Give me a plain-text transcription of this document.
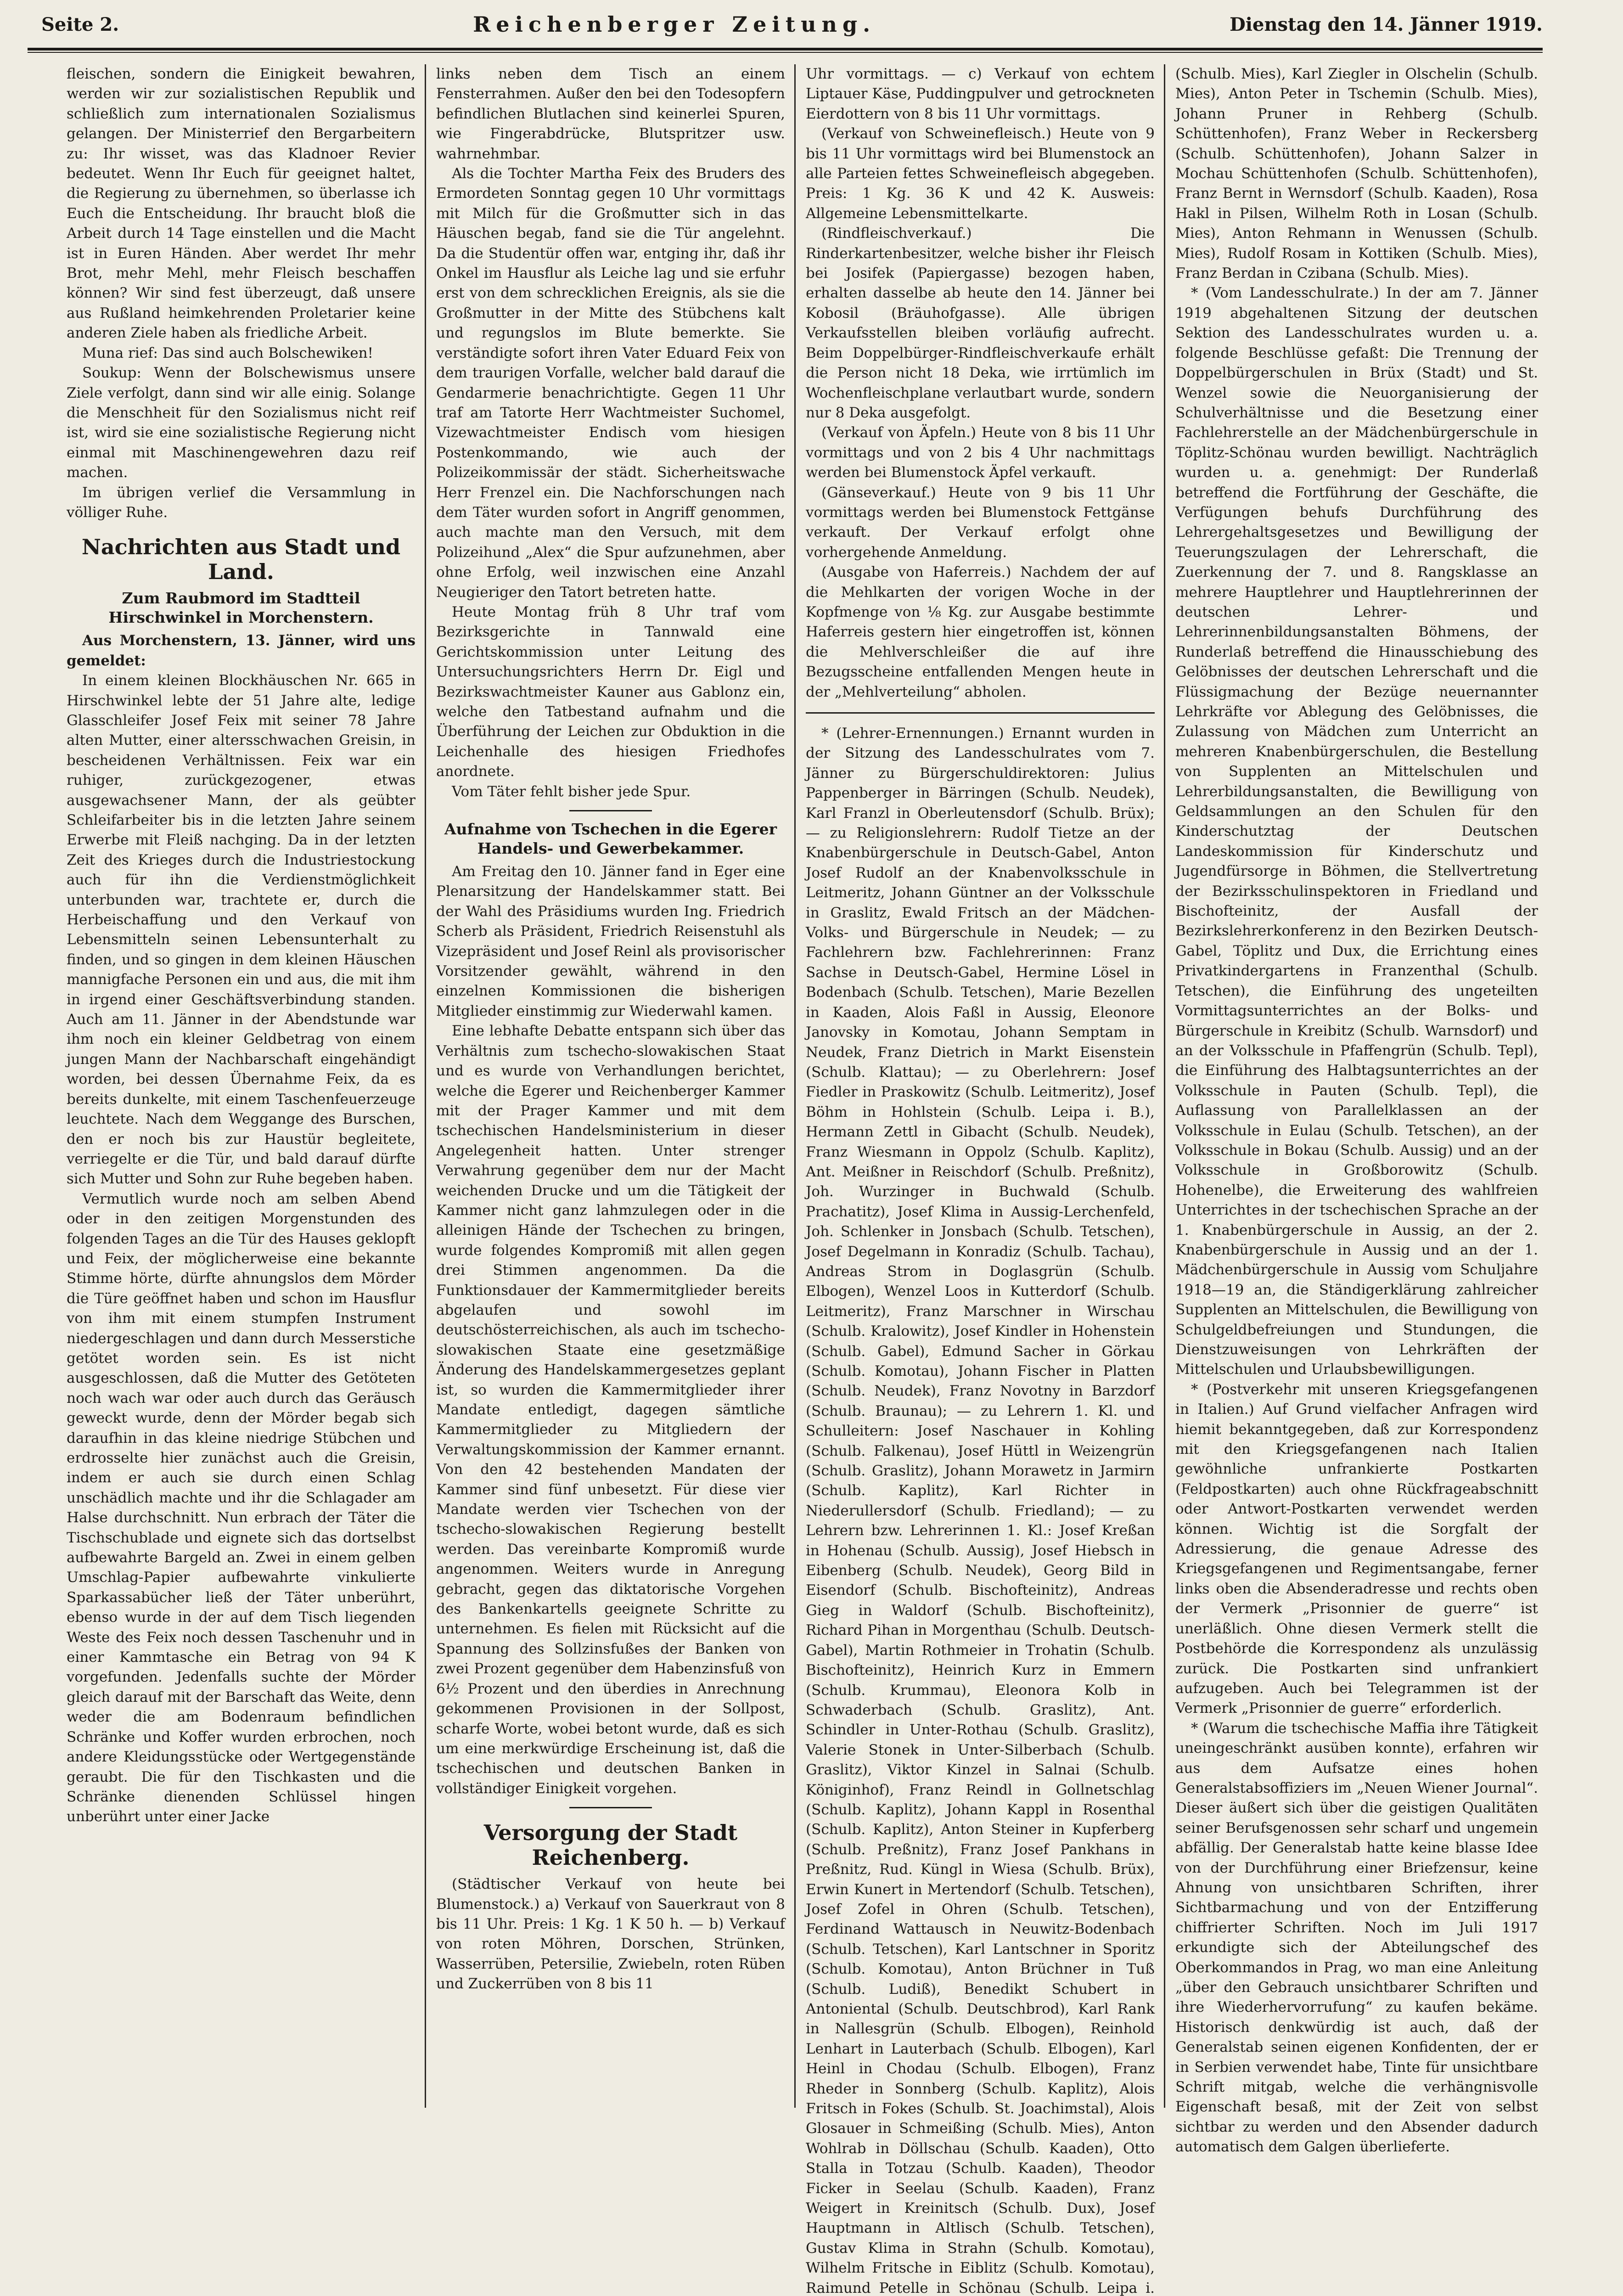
Seite 2.	Reichenberger Zeitung.	Dienstag den 14. Jänner 1919.

fleischen, sondern die Einigkeit bewahren, werden wir zur sozialistischen Republik und schließlich zum internationalen Sozialismus gelangen. Der Ministerrief den Bergarbeitern zu: Ihr wisset, was das Kladnoer Revier bedeutet. Wenn Ihr Euch für geeignet haltet, die Regierung zu übernehmen, so überlasse ich Euch die Entscheidung. Ihr braucht bloß die Arbeit durch 14 Tage einstellen und die Macht ist in Euren Händen. Aber werdet Ihr mehr Brot, mehr Mehl, mehr Fleisch beschaffen können? Wir sind fest überzeugt, daß unsere aus Rußland heimkehrenden Proletarier keine anderen Ziele haben als friedliche Arbeit.

Muna rief: Das sind auch Bolschewiken!

Soukup: Wenn der Bolschewismus unsere Ziele verfolgt, dann sind wir alle einig. Solange die Menschheit für den Sozialismus nicht reif ist, wird sie eine sozialistische Regierung nicht einmal mit Maschinengewehren dazu reif machen.

Im übrigen verlief die Versammlung in völliger Ruhe.

Nachrichten aus Stadt und Land.
Zum Raubmord im Stadtteil Hirschwinkel in Morchenstern.

Aus Morchenstern, 13. Jänner, wird uns gemeldet:

In einem kleinen Blockhäuschen Nr. 665 in Hirschwinkel lebte der 51 Jahre alte, ledige Glasschleifer Josef Feix mit seiner 78 Jahre alten Mutter, einer altersschwachen Greisin, in bescheidenen Verhältnissen. Feix war ein ruhiger, zurückgezogener, etwas ausgewachsener Mann, der als geübter Schleifarbeiter bis in die letzten Jahre seinem Erwerbe mit Fleiß nachging. Da in der letzten Zeit des Krieges durch die Industriestockung auch für ihn die Verdienstmöglichkeit unterbunden war, trachtete er, durch die Herbeischaffung und den Verkauf von Lebensmitteln seinen Lebensunterhalt zu finden, und so gingen in dem kleinen Häuschen mannigfache Personen ein und aus, die mit ihm in irgend einer Geschäftsverbindung standen. Auch am 11. Jänner in der Abendstunde war ihm noch ein kleiner Geldbetrag von einem jungen Mann der Nachbarschaft eingehändigt worden, bei dessen Übernahme Feix, da es bereits dunkelte, mit einem Taschenfeuerzeuge leuchtete. Nach dem Weggange des Burschen, den er noch bis zur Haustür begleitete, verriegelte er die Tür, und bald darauf dürfte sich Mutter und Sohn zur Ruhe begeben haben.

Vermutlich wurde noch am selben Abend oder in den zeitigen Morgenstunden des folgenden Tages an die Tür des Hauses geklopft und Feix, der möglicherweise eine bekannte Stimme hörte, dürfte ahnungslos dem Mörder die Türe geöffnet haben und schon im Hausflur von ihm mit einem stumpfen Instrument niedergeschlagen und dann durch Messerstiche getötet worden sein. Es ist nicht ausgeschlossen, daß die Mutter des Getöteten noch wach war oder auch durch das Geräusch geweckt wurde, denn der Mörder begab sich daraufhin in das kleine niedrige Stübchen und erdrosselte hier zunächst auch die Greisin, indem er auch sie durch einen Schlag unschädlich machte und ihr die Schlagader am Halse durchschnitt. Nun erbrach der Täter die Tischschublade und eignete sich das dortselbst aufbewahrte Bargeld an. Zwei in einem gelben Umschlag-Papier aufbewahrte vinkulierte Sparkassabücher ließ der Täter unberührt, ebenso wurde in der auf dem Tisch liegenden Weste des Feix noch dessen Taschenuhr und in einer Kammtasche ein Betrag von 94 K vorgefunden. Jedenfalls suchte der Mörder gleich darauf mit der Barschaft das Weite, denn weder die am Bodenraum befindlichen Schränke und Koffer wurden erbrochen, noch andere Kleidungsstücke oder Wertgegenstände geraubt. Die für den Tischkasten und die Schränke dienenden Schlüssel hingen unberührt unter einer Jacke

links neben dem Tisch an einem Fensterrahmen. Außer den bei den Todesopfern befindlichen Blutlachen sind keinerlei Spuren, wie Fingerabdrücke, Blutspritzer usw. wahrnehmbar.

Als die Tochter Martha Feix des Bruders des Ermordeten Sonntag gegen 10 Uhr vormittags mit Milch für die Großmutter sich in das Häuschen begab, fand sie die Tür angelehnt. Da die Studentür offen war, entging ihr, daß ihr Onkel im Hausflur als Leiche lag und sie erfuhr erst von dem schrecklichen Ereignis, als sie die Großmutter in der Mitte des Stübchens kalt und regungslos im Blute bemerkte. Sie verständigte sofort ihren Vater Eduard Feix von dem traurigen Vorfalle, welcher bald darauf die Gendarmerie benachrichtigte. Gegen 11 Uhr traf am Tatorte Herr Wachtmeister Suchomel, Vizewachtmeister Endisch vom hiesigen Postenkommando, wie auch der Polizeikommissär der städt. Sicherheitswache Herr Frenzel ein. Die Nachforschungen nach dem Täter wurden sofort in Angriff genommen, auch machte man den Versuch, mit dem Polizeihund „Alex“ die Spur aufzunehmen, aber ohne Erfolg, weil inzwischen eine Anzahl Neugieriger den Tatort betreten hatte.

Heute Montag früh 8 Uhr traf vom Bezirksgerichte in Tannwald eine Gerichtskommission unter Leitung des Untersuchungsrichters Herrn Dr. Eigl und Bezirkswachtmeister Kauner aus Gablonz ein, welche den Tatbestand aufnahm und die Überführung der Leichen zur Obduktion in die Leichenhalle des hiesigen Friedhofes anordnete.

Vom Täter fehlt bisher jede Spur.

Aufnahme von Tschechen in die Egerer Handels- und Gewerbekammer.

Am Freitag den 10. Jänner fand in Eger eine Plenarsitzung der Handelskammer statt. Bei der Wahl des Präsidiums wurden Ing. Friedrich Scherb als Präsident, Friedrich Reisenstuhl als Vizepräsident und Josef Reinl als provisorischer Vorsitzender gewählt, während in den einzelnen Kommissionen die bisherigen Mitglieder einstimmig zur Wiederwahl kamen.

Eine lebhafte Debatte entspann sich über das Verhältnis zum tschecho-slowakischen Staat und es wurde von Verhandlungen berichtet, welche die Egerer und Reichenberger Kammer mit der Prager Kammer und mit dem tschechischen Handelsministerium in dieser Angelegenheit hatten. Unter strenger Verwahrung gegenüber dem nur der Macht weichenden Drucke und um die Tätigkeit der Kammer nicht ganz lahmzulegen oder in die alleinigen Hände der Tschechen zu bringen, wurde folgendes Kompromiß mit allen gegen drei Stimmen angenommen. Da die Funktionsdauer der Kammermitglieder bereits abgelaufen und sowohl im deutschösterreichischen, als auch im tschecho-slowakischen Staate eine gesetzmäßige Änderung des Handelskammergesetzes geplant ist, so wurden die Kammermitglieder ihrer Mandate entledigt, dagegen sämtliche Kammermitglieder zu Mitgliedern der Verwaltungskommission der Kammer ernannt. Von den 42 bestehenden Mandaten der Kammer sind fünf unbesetzt. Für diese vier Mandate werden vier Tschechen von der tschecho-slowakischen Regierung bestellt werden. Das vereinbarte Kompromiß wurde angenommen. Weiters wurde in Anregung gebracht, gegen das diktatorische Vorgehen des Bankenkartells geeignete Schritte zu unternehmen. Es fielen mit Rücksicht auf die Spannung des Sollzinsfußes der Banken von zwei Prozent gegenüber dem Habenzinsfuß von 6½ Prozent und den überdies in Anrechnung gekommenen Provisionen in der Sollpost, scharfe Worte, wobei betont wurde, daß es sich um eine merkwürdige Erscheinung ist, daß die tschechischen und deutschen Banken in vollständiger Einigkeit vorgehen.

Versorgung der Stadt Reichenberg.

(Städtischer Verkauf von heute bei Blumenstock.) a) Verkauf von Sauerkraut von 8 bis 11 Uhr. Preis: 1 Kg. 1 K 50 h. — b) Verkauf von roten Möhren, Dorschen, Strünken, Wasserrüben, Petersilie, Zwiebeln, roten Rüben und Zuckerrüben von 8 bis 11

Uhr vormittags. — c) Verkauf von echtem Liptauer Käse, Puddingpulver und getrockneten Eierdottern von 8 bis 11 Uhr vormittags.

(Verkauf von Schweinefleisch.) Heute von 9 bis 11 Uhr vormittags wird bei Blumenstock an alle Parteien fettes Schweinefleisch abgegeben. Preis: 1 Kg. 36 K und 42 K. Ausweis: Allgemeine Lebensmittelkarte.

(Rindfleischverkauf.) Die Rinderkartenbesitzer, welche bisher ihr Fleisch bei Josifek (Papiergasse) bezogen haben, erhalten dasselbe ab heute den 14. Jänner bei Kobosil (Bräuhofgasse). Alle übrigen Verkaufsstellen bleiben vorläufig aufrecht. Beim Doppelbürger-Rindfleischverkaufe erhält die Person nicht 18 Deka, wie irrtümlich im Wochenfleischplane verlautbart wurde, sondern nur 8 Deka ausgefolgt.

(Verkauf von Äpfeln.) Heute von 8 bis 11 Uhr vormittags und von 2 bis 4 Uhr nachmittags werden bei Blumenstock Äpfel verkauft.

(Gänseverkauf.) Heute von 9 bis 11 Uhr vormittags werden bei Blumenstock Fettgänse verkauft. Der Verkauf erfolgt ohne vorhergehende Anmeldung.

(Ausgabe von Haferreis.) Nachdem der auf die Mehlkarten der vorigen Woche in der Kopfmenge von ⅛ Kg. zur Ausgabe bestimmte Haferreis gestern hier eingetroffen ist, können die Mehlverschleißer die auf ihre Bezugsscheine entfallenden Mengen heute in der „Mehlverteilung“ abholen.

* (Lehrer-Ernennungen.) Ernannt wurden in der Sitzung des Landesschulrates vom 7. Jänner zu Bürgerschuldirektoren: Julius Pappenberger in Bärringen (Schulb. Neudek), Karl Franzl in Oberleutensdorf (Schulb. Brüx); — zu Religionslehrern: Rudolf Tietze an der Knabenbürgerschule in Deutsch-Gabel, Anton Josef Rudolf an der Knabenvolksschule in Leitmeritz, Johann Güntner an der Volksschule in Graslitz, Ewald Fritsch an der Mädchen-Volks- und Bürgerschule in Neudek; — zu Fachlehrern bzw. Fachlehrerinnen: Franz Sachse in Deutsch-Gabel, Hermine Lösel in Bodenbach (Schulb. Tetschen), Marie Bezellen in Kaaden, Alois Faßl in Aussig, Eleonore Janovsky in Komotau, Johann Semptam in Neudek, Franz Dietrich in Markt Eisenstein (Schulb. Klattau); — zu Oberlehrern: Josef Fiedler in Praskowitz (Schulb. Leitmeritz), Josef Böhm in Hohlstein (Schulb. Leipa i. B.), Hermann Zettl in Gibacht (Schulb. Neudek), Franz Wiesmann in Oppolz (Schulb. Kaplitz), Ant. Meißner in Reischdorf (Schulb. Preßnitz), Joh. Wurzinger in Buchwald (Schulb. Prachatitz), Josef Klima in Aussig-Lerchenfeld, Joh. Schlenker in Jonsbach (Schulb. Tetschen), Josef Degelmann in Konradiz (Schulb. Tachau), Andreas Strom in Doglasgrün (Schulb. Elbogen), Wenzel Loos in Kutterdorf (Schulb. Leitmeritz), Franz Marschner in Wirschau (Schulb. Kralowitz), Josef Kindler in Hohenstein (Schulb. Gabel), Edmund Sacher in Görkau (Schulb. Komotau), Johann Fischer in Platten (Schulb. Neudek), Franz Novotny in Barzdorf (Schulb. Braunau); — zu Lehrern 1. Kl. und Schulleitern: Josef Naschauer in Kohling (Schulb. Falkenau), Josef Hüttl in Weizengrün (Schulb. Graslitz), Johann Morawetz in Jarmirn (Schulb. Kaplitz), Karl Richter in Niederullersdorf (Schulb. Friedland); — zu Lehrern bzw. Lehrerinnen 1. Kl.: Josef Kreßan in Hohenau (Schulb. Aussig), Josef Hiebsch in Eibenberg (Schulb. Neudek), Georg Bild in Eisendorf (Schulb. Bischofteinitz), Andreas Gieg in Waldorf (Schulb. Bischofteinitz), Richard Pihan in Morgenthau (Schulb. Deutsch-Gabel), Martin Rothmeier in Trohatin (Schulb. Bischofteinitz), Heinrich Kurz in Emmern (Schulb. Krummau), Eleonora Kolb in Schwaderbach (Schulb. Graslitz), Ant. Schindler in Unter-Rothau (Schulb. Graslitz), Valerie Stonek in Unter-Silberbach (Schulb. Graslitz), Viktor Kinzel in Salnai (Schulb. Königinhof), Franz Reindl in Gollnetschlag (Schulb. Kaplitz), Johann Kappl in Rosenthal (Schulb. Kaplitz), Anton Steiner in Kupferberg (Schulb. Preßnitz), Franz Josef Pankhans in Preßnitz, Rud. Küngl in Wiesa (Schulb. Brüx), Erwin Kunert in Mertendorf (Schulb. Tetschen), Josef Zofel in Ohren (Schulb. Tetschen), Ferdinand Wattausch in Neuwitz-Bodenbach (Schulb. Tetschen), Karl Lantschner in Sporitz (Schulb. Komotau), Anton Brüchner in Tuß (Schulb. Ludiß), Benedikt Schubert in Antoniental (Schulb. Deutschbrod), Karl Rank in Nallesgrün (Schulb. Elbogen), Reinhold Lenhart in Lauterbach (Schulb. Elbogen), Karl Heinl in Chodau (Schulb. Elbogen), Franz Rheder in Sonnberg (Schulb. Kaplitz), Alois Fritsch in Fokes (Schulb. St. Joachimstal), Alois Glosauer in Schmeißing (Schulb. Mies), Anton Wohlrab in Döllschau (Schulb. Kaaden), Otto Stalla in Totzau (Schulb. Kaaden), Theodor Ficker in Seelau (Schulb. Kaaden), Franz Weigert in Kreinitsch (Schulb. Dux), Josef Hauptmann in Altlisch (Schulb. Tetschen), Gustav Klima in Strahn (Schulb. Komotau), Wilhelm Fritsche in Eiblitz (Schulb. Komotau), Raimund Petelle in Schönau (Schulb. Leipa i.

(Schulb. Mies), Karl Ziegler in Olschelin (Schulb. Mies), Anton Peter in Tschemin (Schulb. Mies), Johann Pruner in Rehberg (Schulb. Schüttenhofen), Franz Weber in Reckersberg (Schulb. Schüttenhofen), Johann Salzer in Mochau Schüttenhofen (Schulb. Schüttenhofen), Franz Bernt in Wernsdorf (Schulb. Kaaden), Rosa Hakl in Pilsen, Wilhelm Roth in Losan (Schulb. Mies), Anton Rehmann in Wenussen (Schulb. Mies), Rudolf Rosam in Kottiken (Schulb. Mies), Franz Berdan in Czibana (Schulb. Mies).

* (Vom Landesschulrate.) In der am 7. Jänner 1919 abgehaltenen Sitzung der deutschen Sektion des Landesschulrates wurden u. a. folgende Beschlüsse gefaßt: Die Trennung der Doppelbürgerschulen in Brüx (Stadt) und St. Wenzel sowie die Neuorganisierung der Schulverhältnisse und die Besetzung einer Fachlehrerstelle an der Mädchenbürgerschule in Töplitz-Schönau wurden bewilligt. Nachträglich wurden u. a. genehmigt: Der Runderlaß betreffend die Fortführung der Geschäfte, die Verfügungen behufs Durchführung des Lehrergehaltsgesetzes und Bewilligung der Teuerungszulagen der Lehrerschaft, die Zuerkennung der 7. und 8. Rangsklasse an mehrere Hauptlehrer und Hauptlehrerinnen der deutschen Lehrer- und Lehrerinnenbildungsanstalten Böhmens, der Runderlaß betreffend die Hinausschiebung des Gelöbnisses der deutschen Lehrerschaft und die Flüssigmachung der Bezüge neuernannter Lehrkräfte vor Ablegung des Gelöbnisses, die Zulassung von Mädchen zum Unterricht an mehreren Knabenbürgerschulen, die Bestellung von Supplenten an Mittelschulen und Lehrerbildungsanstalten, die Bewilligung von Geldsammlungen an den Schulen für den Kinderschutztag der Deutschen Landeskommission für Kinderschutz und Jugendfürsorge in Böhmen, die Stellvertretung der Bezirksschulinspektoren in Friedland und Bischofteinitz, der Ausfall der Bezirkslehrerkonferenz in den Bezirken Deutsch-Gabel, Töplitz und Dux, die Errichtung eines Privatkindergartens in Franzenthal (Schulb. Tetschen), die Einführung des ungeteilten Vormittagsunterrichtes an der Bolks- und Bürgerschule in Kreibitz (Schulb. Warnsdorf) und an der Volksschule in Pfaffengrün (Schulb. Tepl), die Einführung des Halbtagsunterrichtes an der Volksschule in Pauten (Schulb. Tepl), die Auflassung von Parallelklassen an der Volksschule in Eulau (Schulb. Tetschen), an der Volksschule in Bokau (Schulb. Aussig) und an der Volksschule in Großborowitz (Schulb. Hohenelbe), die Erweiterung des wahlfreien Unterrichtes in der tschechischen Sprache an der 1. Knabenbürgerschule in Aussig, an der 2. Knabenbürgerschule in Aussig und an der 1. Mädchenbürgerschule in Aussig vom Schuljahre 1918—19 an, die Ständigerklärung zahlreicher Supplenten an Mittelschulen, die Bewilligung von Schulgeldbefreiungen und Stundungen, die Dienstzuweisungen von Lehrkräften der Mittelschulen und Urlaubsbewilligungen.

* (Postverkehr mit unseren Kriegsgefangenen in Italien.) Auf Grund vielfacher Anfragen wird hiemit bekanntgegeben, daß zur Korrespondenz mit den Kriegsgefangenen nach Italien gewöhnliche unfrankierte Postkarten (Feldpostkarten) auch ohne Rückfrageabschnitt oder Antwort-Postkarten verwendet werden können. Wichtig ist die Sorgfalt der Adressierung, die genaue Adresse des Kriegsgefangenen und Regimentsangabe, ferner links oben die Absenderadresse und rechts oben der Vermerk „Prisonnier de guerre“ ist unerläßlich. Ohne diesen Vermerk stellt die Postbehörde die Korrespondenz als unzulässig zurück. Die Postkarten sind unfrankiert aufzugeben. Auch bei Telegrammen ist der Vermerk „Prisonnier de guerre“ erforderlich.

* (Warum die tschechische Maffia ihre Tätigkeit uneingeschränkt ausüben konnte), erfahren wir aus dem Aufsatze eines hohen Generalstabsoffiziers im „Neuen Wiener Journal“. Dieser äußert sich über die geistigen Qualitäten seiner Berufsgenossen sehr scharf und ungemein abfällig. Der Generalstab hatte keine blasse Idee von der Durchführung einer Briefzensur, keine Ahnung von unsichtbaren Schriften, ihrer Sichtbarmachung und von der Entzifferung chiffrierter Schriften. Noch im Juli 1917 erkundigte sich der Abteilungschef des Oberkommandos in Prag, wo man eine Anleitung „über den Gebrauch unsichtbarer Schriften und ihre Wiederhervorrufung“ zu kaufen bekäme. Historisch denkwürdig ist auch, daß der Generalstab seinen eigenen Konfidenten, der er in Serbien verwendet habe, Tinte für unsichtbare Schrift mitgab, welche die verhängnisvolle Eigenschaft besaß, mit der Zeit von selbst sichtbar zu werden und den Absender dadurch automatisch dem Galgen überlieferte.
